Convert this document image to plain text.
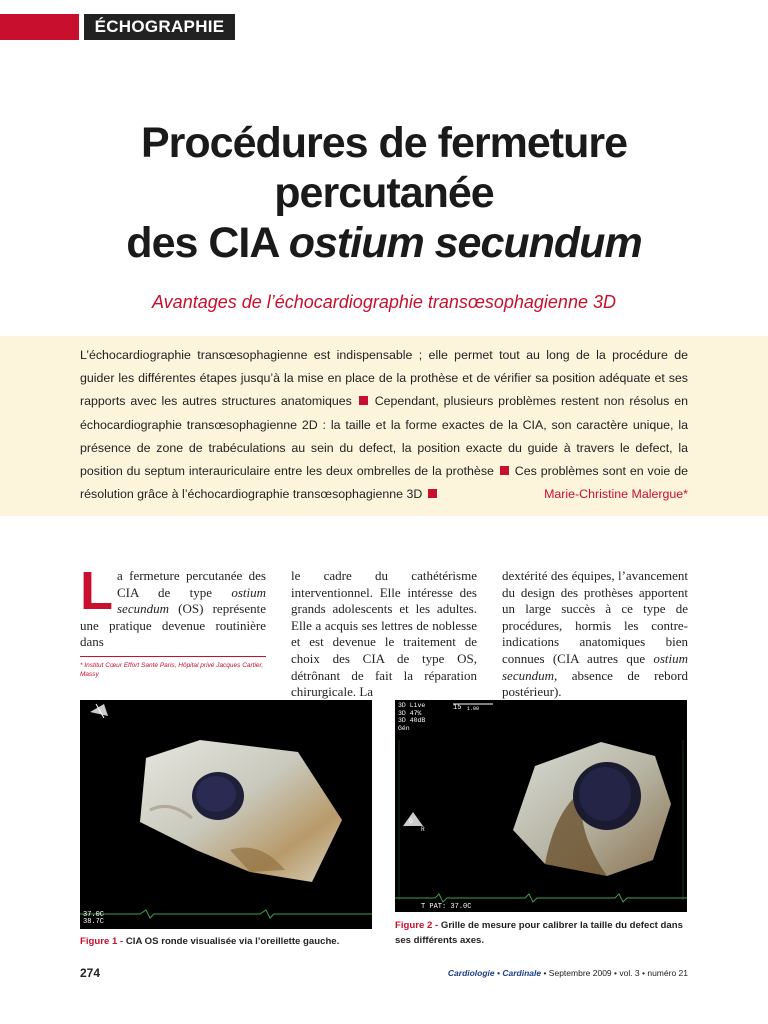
ÉCHOGRAPHIE
Procédures de fermeture
percutanée
des CIA ostium secundum
Avantages de l’échocardiographie transœsophagienne 3D
L’échocardiographie transœsophagienne est indispensable ; elle permet tout au long de la procédure de guider les différentes étapes jusqu’à la mise en place de la prothèse et de vérifier sa position adéquate et ses rapports avec les autres structures anatomiques Cependant, plusieurs problèmes restent non résolus en échocardiographie transœsophagienne 2D : la taille et la forme exactes de la CIA, son caractère unique, la présence de zone de trabéculations au sein du defect, la position exacte du guide à travers le defect, la position du septum interauriculaire entre les deux ombrelles de la prothèse Ces problèmes sont en voie de résolution grâce à l’échocardiographie transœsophagienne 3D	Marie-Christine Malergue*
La fermeture percutanée des CIA de type ostium secundum (OS) représente une pratique devenue routinière dans
le cadre du cathétérisme interventionnel. Elle intéresse des grands adolescents et les adultes. Elle a acquis ses lettres de noblesse et est devenue le traitement de choix des CIA de type OS, détrônant de fait la réparation chirurgicale. La
dextérité des équipes, l’avancement du design des prothèses apportent un large succès à ce type de procédures, hormis les contre-indications anatomiques bien connues (CIA autres que ostium secundum, absence de rebord postérieur).
* Institut Cœur Effort Santé Paris, Hôpital privé Jacques Cartier, Massy
37.0C
38.7C
Figure 1 - CIA OS ronde visualisée via l’oreillette gauche.
3D Live
3D 47%
3D 40dB
Gén
15 1.00
G
R
T PAT: 37.0C
Figure 2 - Grille de mesure pour calibrer la taille du defect dans ses différents axes.
274	Cardiologie • Cardinale • Septembre 2009 • vol. 3 • numéro 21
